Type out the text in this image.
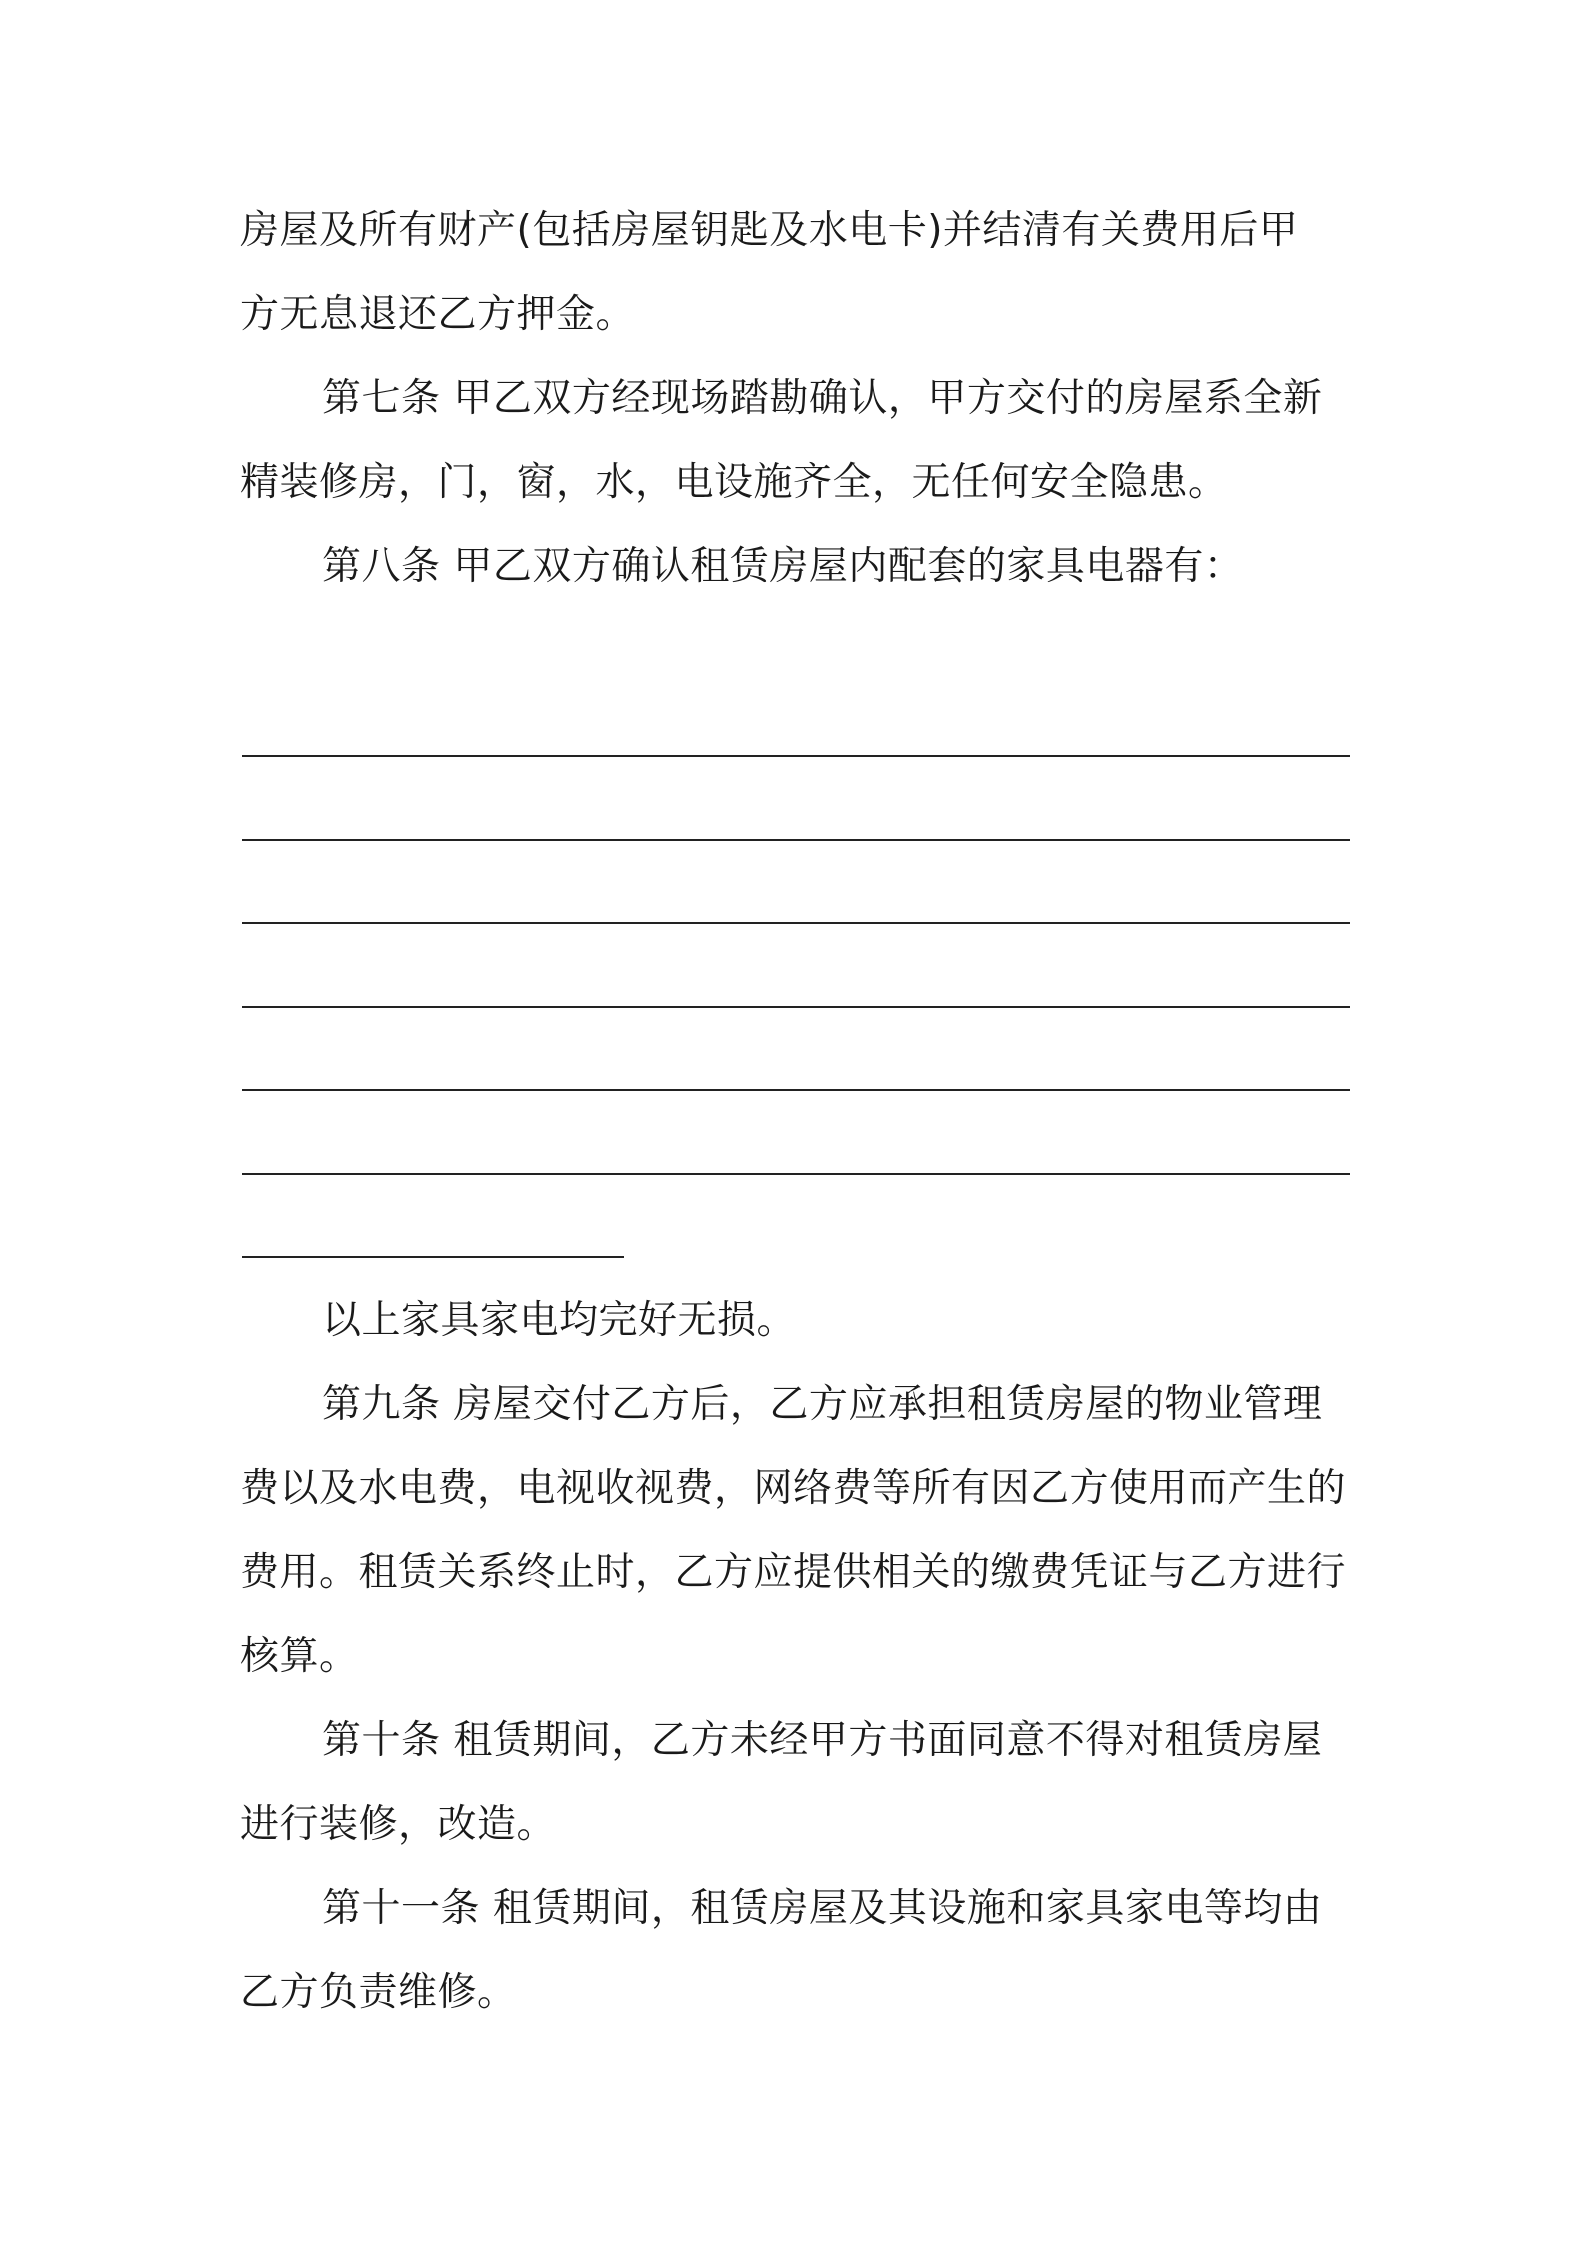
房屋及所有财产(包括房屋钥匙及水电卡)并结清有关费用后甲
方无息退还乙方押金。
第七条 甲乙双方经现场踏勘确认，甲方交付的房屋系全新
精装修房，门，窗，水，电设施齐全，无任何安全隐患。
第八条 甲乙双方确认租赁房屋内配套的家具电器有：
以上家具家电均完好无损。
第九条 房屋交付乙方后，乙方应承担租赁房屋的物业管理
费以及水电费，电视收视费，网络费等所有因乙方使用而产生的
费用。租赁关系终止时，乙方应提供相关的缴费凭证与乙方进行
核算。
第十条 租赁期间，乙方未经甲方书面同意不得对租赁房屋
进行装修，改造。
第十一条 租赁期间，租赁房屋及其设施和家具家电等均由
乙方负责维修。
